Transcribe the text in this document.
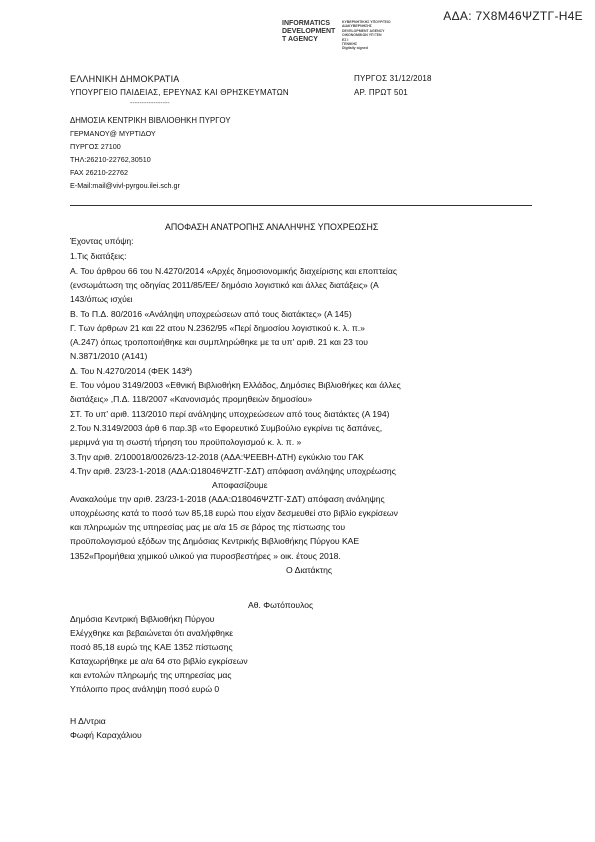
ΑΔΑ: 7Χ8Μ46ΨΖΤΓ-Η4Ε
INFORMATICS
DEVELOPMENT
T AGENCY
ΚΥΒΕΡΝΗΤΙΚΗΣ ΥΠΟΥΡΓΕΙΟ
ΔΙΑΚΥΒΕΡΝΗΣΗΣ
DEVELOPMENT AGENCY
ΟΙΚΟΝΟΜΙΚΩΝ ΥΠ ΓΕΝ
ΕΣ Ι
ΓΕΝΙΚΗΣ
Digitally signed
ΕΛΛΗΝΙΚΗ ΔΗΜΟΚΡΑΤΙΑ
ΥΠΟΥΡΓΕΙΟ ΠΑΙΔΕΙΑΣ, ΕΡΕΥΝΑΣ ΚΑΙ ΘΡΗΣΚΕΥΜΑΤΩΝ
ΠΥΡΓΟΣ 31/12/2018
ΑΡ. ΠΡΩΤ 501
-----------------
ΔΗΜΟΣΙΑ ΚΕΝΤΡΙΚΗ ΒΙΒΛΙΟΘΗΚΗ ΠΥΡΓΟΥ
ΓΕΡΜΑΝΟΥ@ ΜΥΡΤΙΔΟΥ
ΠΥΡΓΟΣ 27100
ΤΗΛ:26210-22762,30510
FAX 26210-22762
E-Mail:mail@vivl-pyrgou.ilei.sch.gr
ΑΠΟΦΑΣΗ ΑΝΑΤΡΟΠΗΣ ΑΝΑΛΗΨΗΣ ΥΠΟΧΡΕΩΣΗΣ
Έχοντας υπόψη:
1.Τις διατάξεις:
Α. Του άρθρου 66 του Ν.4270/2014 «Αρχές δημοσιονομικής διαχείρισης και εποπτείας
(ενσωμάτωση της οδηγίας 2011/85/ΕΕ/ δημόσιο λογιστικό και άλλες διατάξεις» (Α
143/όπως ισχύει
Β. Το Π.Δ. 80/2016 «Ανάληψη υποχρεώσεων από τους διατάκτες» (Α 145)
Γ. Των άρθρων 21 και 22 ατου Ν.2362/95 «Περί δημοσίου λογιστικού κ. λ. π.»
(Α.247) όπως τροποποιήθηκε και συμπληρώθηκε με τα υπ' αριθ. 21 και 23 του
Ν.3871/2010 (Α141)
Δ. Του Ν.4270/2014 (ΦΕΚ 143ª)
Ε. Του νόμου 3149/2003 «Εθνική Βιβλιοθήκη Ελλάδος, Δημόσιες Βιβλιοθήκες και άλλες
διατάξεις» ,Π.Δ. 118/2007 «Κανονισμός προμηθειών δημοσίου»
ΣΤ. Το υπ' αριθ. 113/2010 περί ανάληψης υποχρεώσεων από τους διατάκτες (Α 194)
2.Του Ν.3149/2003 άρθ 6 παρ.3β «το Εφορευτικό Συμβούλιο εγκρίνει τις δαπάνες,
μεριμνά για τη σωστή τήρηση του προϋπολογισμού κ. λ. π. »
3.Την αριθ. 2/100018/0026/23-12-2018 (ΑΔΑ:ΨΕΕΒΗ-ΔΤΗ) εγκύκλιο του ΓΑΚ
4.Την αριθ. 23/23-1-2018 (ΑΔΑ:Ω18046ΨΖΤΓ-ΣΔΤ) απόφαση ανάληψης υποχρέωσης
Αποφασίζουμε
Ανακαλούμε την αριθ. 23/23-1-2018 (ΑΔΑ:Ω18046ΨΖΤΓ-ΣΔΤ) απόφαση ανάληψης
υποχρέωσης κατά το ποσό των 85,18 ευρώ που είχαν δεσμευθεί στο βιβλίο εγκρίσεων
και πληρωμών της υπηρεσίας μας με α/α 15 σε βάρος της πίστωσης του
προϋπολογισμού εξόδων της Δημόσιας Κεντρικής Βιβλιοθήκης Πύργου ΚΑΕ
1352«Προμήθεια χημικού υλικού για πυροσβεστήρες » οικ. έτους 2018.
Ο Διατάκτης
Αθ. Φωτόπουλος
Δημόσια Κεντρική Βιβλιοθήκη Πύργου
Ελέγχθηκε και βεβαιώνεται ότι αναλήφθηκε
ποσό 85,18 ευρώ της ΚΑΕ 1352 πίστωσης
Καταχωρήθηκε με α/α 64 στο βιβλίο εγκρίσεων
και εντολών πληρωμής της υπηρεσίας μας
Υπόλοιπο προς ανάληψη ποσό ευρώ 0
Η Δ/ντρια
Φωφή Καραχάλιου
